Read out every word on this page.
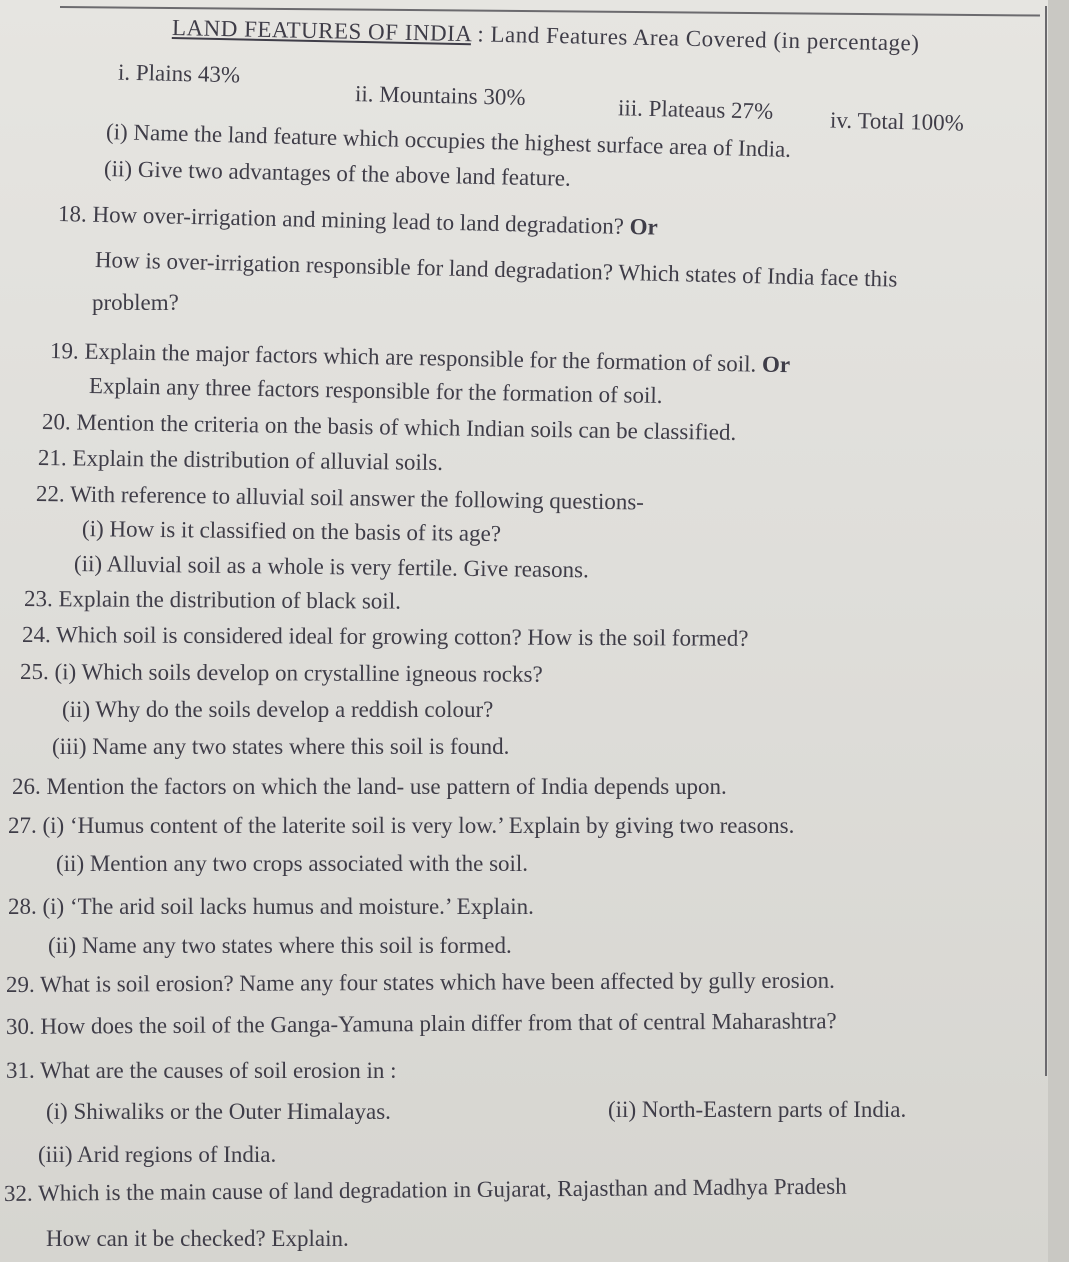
LAND FEATURES OF INDIA : Land Features Area Covered (in percentage)
i. Plains 43%
ii. Mountains 30%	iii. Plateaus 27% iv. Total 100%
(i) Name the land feature which occupies the highest surface area of India.
(ii) Give two advantages of the above land feature.
18. How over-irrigation and mining lead to land degradation? Or
How is over-irrigation responsible for land degradation? Which states of India face this
problem?
19. Explain the major factors which are responsible for the formation of soil. Or
Explain any three factors responsible for the formation of soil.
20. Mention the criteria on the basis of which Indian soils can be classified.
21. Explain the distribution of alluvial soils.
22. With reference to alluvial soil answer the following questions-
(i) How is it classified on the basis of its age?
(ii) Alluvial soil as a whole is very fertile. Give reasons.
23. Explain the distribution of black soil.
24. Which soil is considered ideal for growing cotton? How is the soil formed?
25. (i) Which soils develop on crystalline igneous rocks?
(ii) Why do the soils develop a reddish colour?
(iii) Name any two states where this soil is found.
26. Mention the factors on which the land- use pattern of India depends upon.
27. (i) ‘Humus content of the laterite soil is very low.’ Explain by giving two reasons.
(ii) Mention any two crops associated with the soil.
28. (i) ‘The arid soil lacks humus and moisture.’ Explain.
(ii) Name any two states where this soil is formed.
29. What is soil erosion? Name any four states which have been affected by gully erosion.
30. How does the soil of the Ganga-Yamuna plain differ from that of central Maharashtra?
31. What are the causes of soil erosion in :
(i) Shiwaliks or the Outer Himalayas.	(ii) North-Eastern parts of India.
(iii) Arid regions of India.
32. Which is the main cause of land degradation in Gujarat, Rajasthan and Madhya Pradesh
How can it be checked? Explain.
